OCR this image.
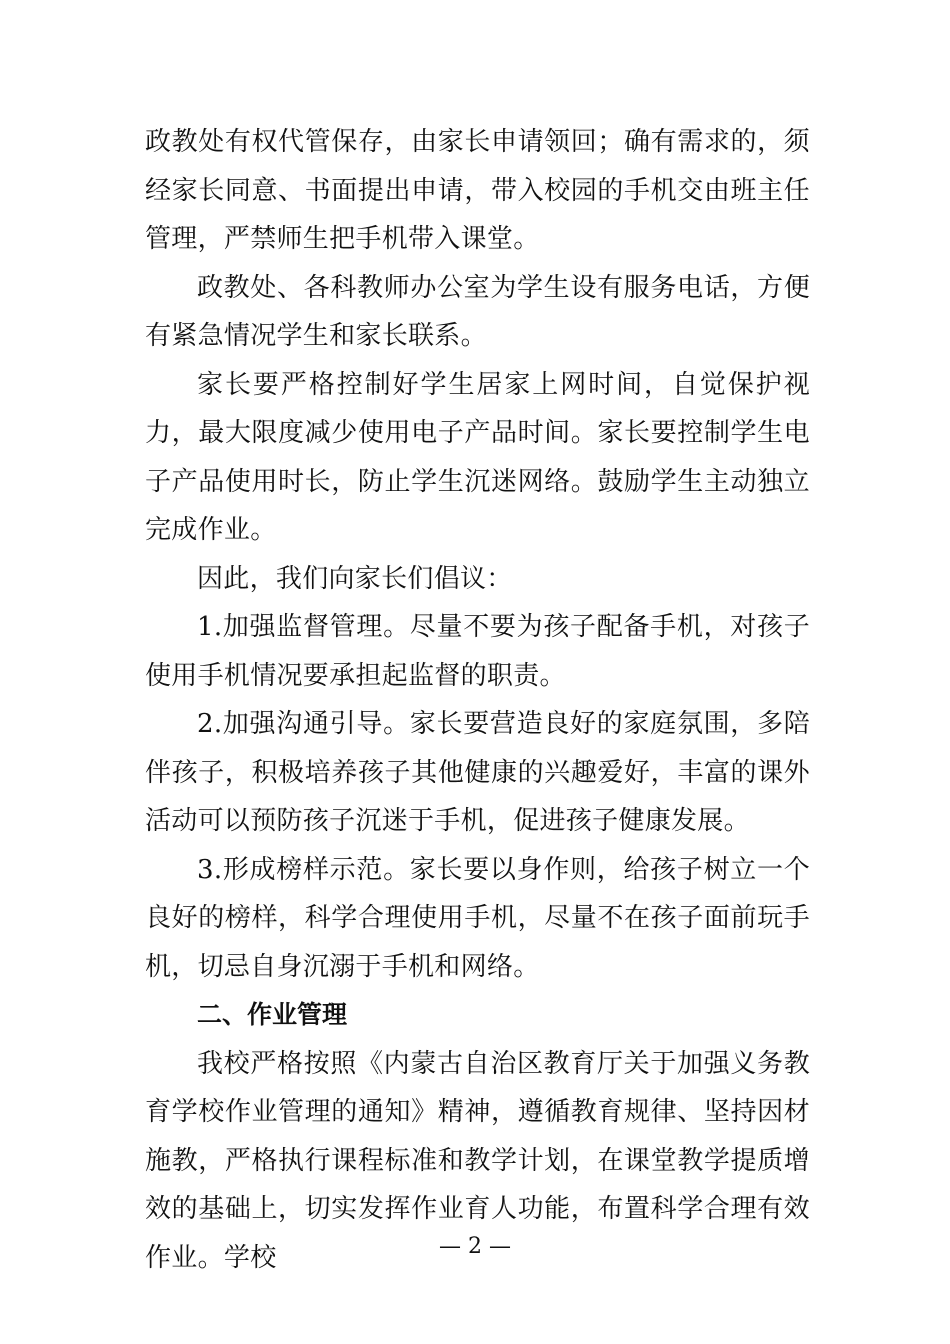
政教处有权代管保存，由家长申请领回；确有需求的，须经家长同意、书面提出申请，带入校园的手机交由班主任管理，严禁师生把手机带入课堂。

政教处、各科教师办公室为学生设有服务电话，方便有紧急情况学生和家长联系。

家长要严格控制好学生居家上网时间，自觉保护视力，最大限度减少使用电子产品时间。家长要控制学生电子产品使用时长，防止学生沉迷网络。鼓励学生主动独立完成作业。

因此，我们向家长们倡议：

1.加强监督管理。尽量不要为孩子配备手机，对孩子使用手机情况要承担起监督的职责。

2.加强沟通引导。家长要营造良好的家庭氛围，多陪伴孩子，积极培养孩子其他健康的兴趣爱好，丰富的课外活动可以预防孩子沉迷于手机，促进孩子健康发展。

3.形成榜样示范。家长要以身作则，给孩子树立一个良好的榜样，科学合理使用手机，尽量不在孩子面前玩手机，切忌自身沉溺于手机和网络。

二、作业管理

我校严格按照《内蒙古自治区教育厅关于加强义务教育学校作业管理的通知》精神，遵循教育规律、坚持因材施教，严格执行课程标准和教学计划，在课堂教学提质增效的基础上，切实发挥作业育人功能，布置科学合理有效作业。学校	— 2 —
